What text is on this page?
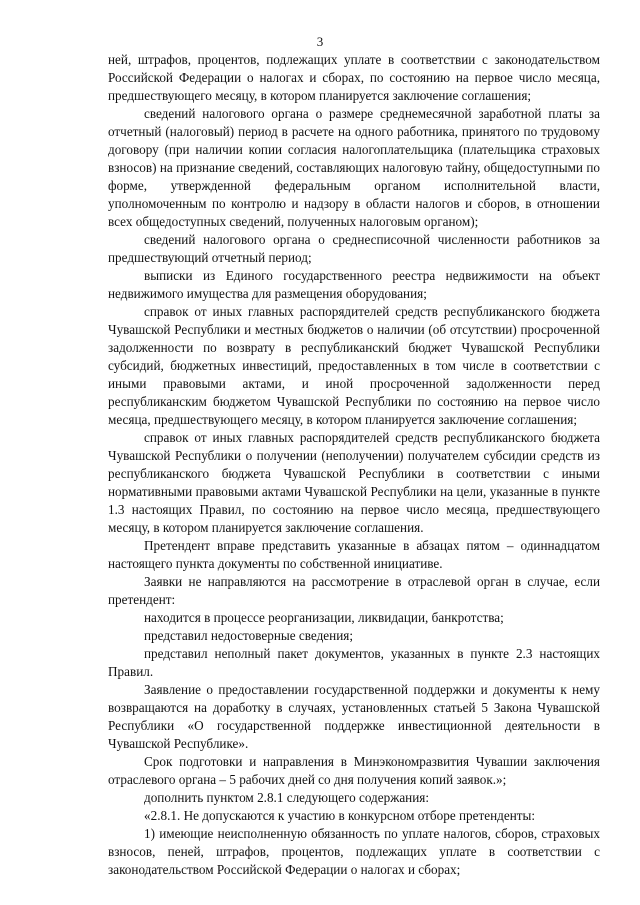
3

ней, штрафов, процентов, подлежащих уплате в соответствии с законодательством Российской Федерации о налогах и сборах, по состоянию на первое число месяца, предшествующего месяцу, в котором планируется заключение соглашения;

сведений налогового органа о размере среднемесячной заработной платы за отчетный (налоговый) период в расчете на одного работника, принятого по трудовому договору (при наличии копии согласия налогоплательщика (плательщика страховых взносов) на признание сведений, составляющих налоговую тайну, общедоступными по форме, утвержденной федеральным органом исполнительной власти, уполномоченным по контролю и надзору в области налогов и сборов, в отношении всех общедоступных сведений, полученных налоговым органом);

сведений налогового органа о среднесписочной численности работников за предшествующий отчетный период;

выписки из Единого государственного реестра недвижимости на объект недвижимого имущества для размещения оборудования;

справок от иных главных распорядителей средств республиканского бюджета Чувашской Республики и местных бюджетов о наличии (об отсутствии) просроченной задолженности по возврату в республиканский бюджет Чувашской Республики субсидий, бюджетных инвестиций, предоставленных в том числе в соответствии с иными правовыми актами, и иной просроченной задолженности перед республиканским бюджетом Чувашской Республики по состоянию на первое число месяца, предшествующего месяцу, в котором планируется заключение соглашения;

справок от иных главных распорядителей средств республиканского бюджета Чувашской Республики о получении (неполучении) получателем субсидии средств из республиканского бюджета Чувашской Республики в соответствии с иными нормативными правовыми актами Чувашской Республики на цели, указанные в пункте 1.3 настоящих Правил, по состоянию на первое число месяца, предшествующего месяцу, в котором планируется заключение соглашения.

Претендент вправе представить указанные в абзацах пятом – одиннадцатом настоящего пункта документы по собственной инициативе.

Заявки не направляются на рассмотрение в отраслевой орган в случае, если претендент:

находится в процессе реорганизации, ликвидации, банкротства;

представил недостоверные сведения;

представил неполный пакет документов, указанных в пункте 2.3 настоящих Правил.

Заявление о предоставлении государственной поддержки и документы к нему возвращаются на доработку в случаях, установленных статьей 5 Закона Чувашской Республики «О государственной поддержке инвестиционной деятельности в Чувашской Республике».

Срок подготовки и направления в Минэкономразвития Чувашии заключения отраслевого органа – 5 рабочих дней со дня получения копий заявок.»;

дополнить пунктом 2.8.1 следующего содержания:

«2.8.1. Не допускаются к участию в конкурсном отборе претенденты:

1) имеющие неисполненную обязанность по уплате налогов, сборов, страховых взносов, пеней, штрафов, процентов, подлежащих уплате в соответствии с законодательством Российской Федерации о налогах и сборах;
